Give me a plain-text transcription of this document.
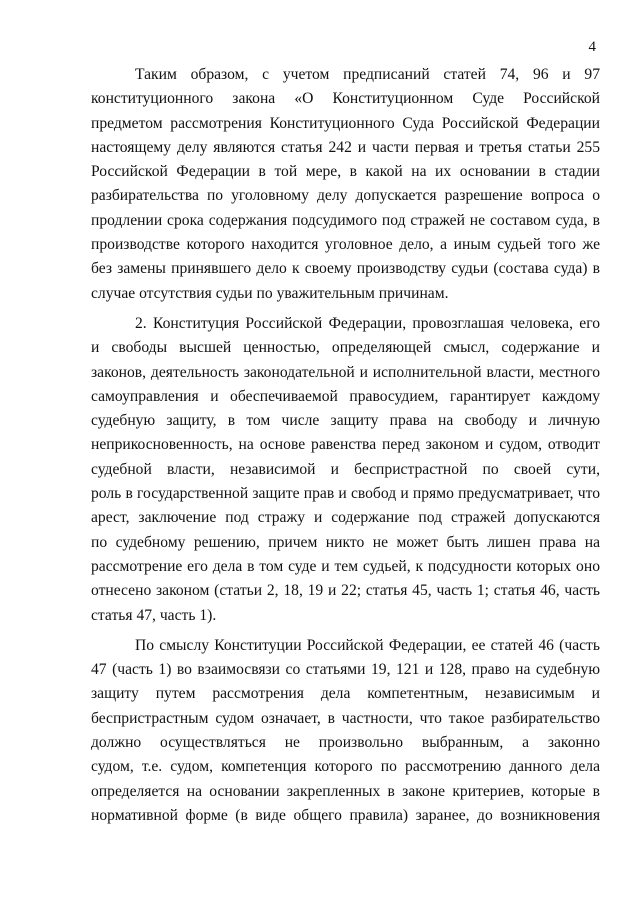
4
Таким образом, с учетом предписаний статей 74, 96 и 97
конституционного закона «О Конституционном Суде Российской
предметом рассмотрения Конституционного Суда Российской Федерации
настоящему делу являются статья 242 и части первая и третья статьи 255
Российской Федерации в той мере, в какой на их основании в стадии
разбирательства по уголовному делу допускается разрешение вопроса о
продлении срока содержания подсудимого под стражей не составом суда, в
производстве которого находится уголовное дело, а иным судьей того же
без замены принявшего дело к своему производству судьи (состава суда) в
случае отсутствия судьи по уважительным причинам.
2. Конституция Российской Федерации, провозглашая человека, его
и свободы высшей ценностью, определяющей смысл, содержание и
законов, деятельность законодательной и исполнительной власти, местного
самоуправления и обеспечиваемой правосудием, гарантирует каждому
судебную защиту, в том числе защиту права на свободу и личную
неприкосновенность, на основе равенства перед законом и судом, отводит
судебной власти, независимой и беспристрастной по своей сути,
роль в государственной защите прав и свобод и прямо предусматривает, что
арест, заключение под стражу и содержание под стражей допускаются
по судебному решению, причем никто не может быть лишен права на
рассмотрение его дела в том суде и тем судьей, к подсудности которых оно
отнесено законом (статьи 2, 18, 19 и 22; статья 45, часть 1; статья 46, часть
статья 47, часть 1).
По смыслу Конституции Российской Федерации, ее статей 46 (часть
47 (часть 1) во взаимосвязи со статьями 19, 121 и 128, право на судебную
защиту путем рассмотрения дела компетентным, независимым и
беспристрастным судом означает, в частности, что такое разбирательство
должно осуществляться не произвольно выбранным, а законно
судом, т.е. судом, компетенция которого по рассмотрению данного дела
определяется на основании закрепленных в законе критериев, которые в
нормативной форме (в виде общего правила) заранее, до возникновения
